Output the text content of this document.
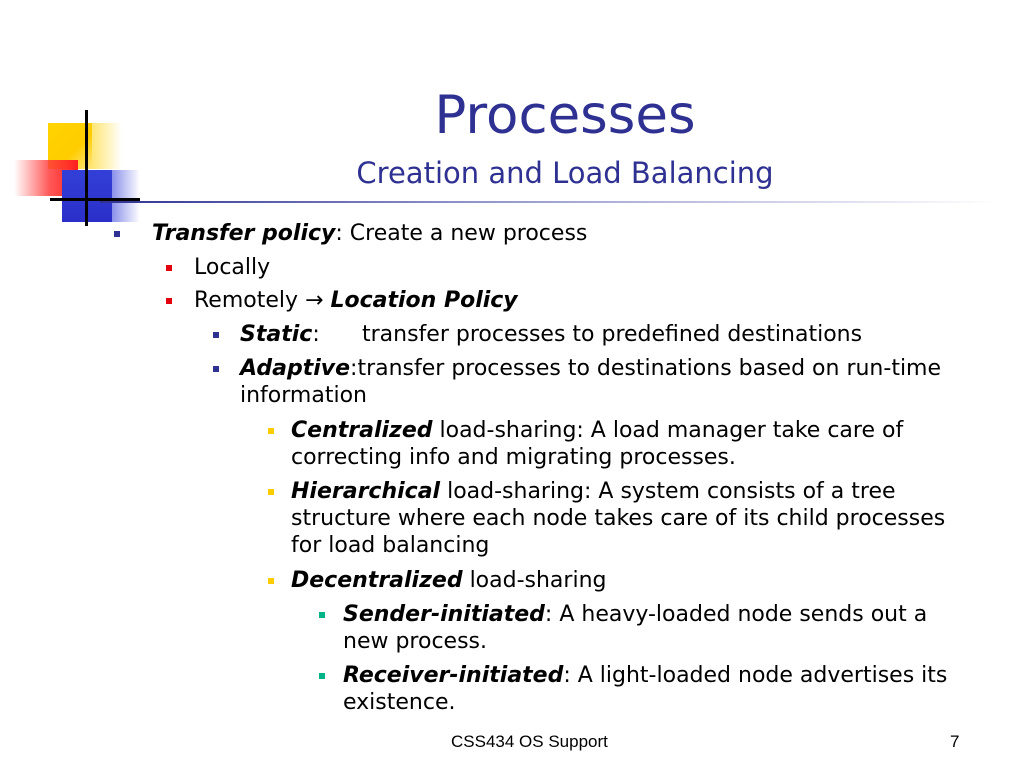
Processes
Creation and Load Balancing
Transfer policy: Create a new process
Locally
Remotely → Location Policy
Static: transfer processes to predefined destinations
Adaptive:transfer processes to destinations based on run-time
information
Centralized load-sharing: A load manager take care of
correcting info and migrating processes.
Hierarchical load-sharing: A system consists of a tree
structure where each node takes care of its child processes
for load balancing
Decentralized load-sharing
Sender-initiated: A heavy-loaded node sends out a
new process.
Receiver-initiated: A light-loaded node advertises its
existence.
CSS434 OS Support	7
